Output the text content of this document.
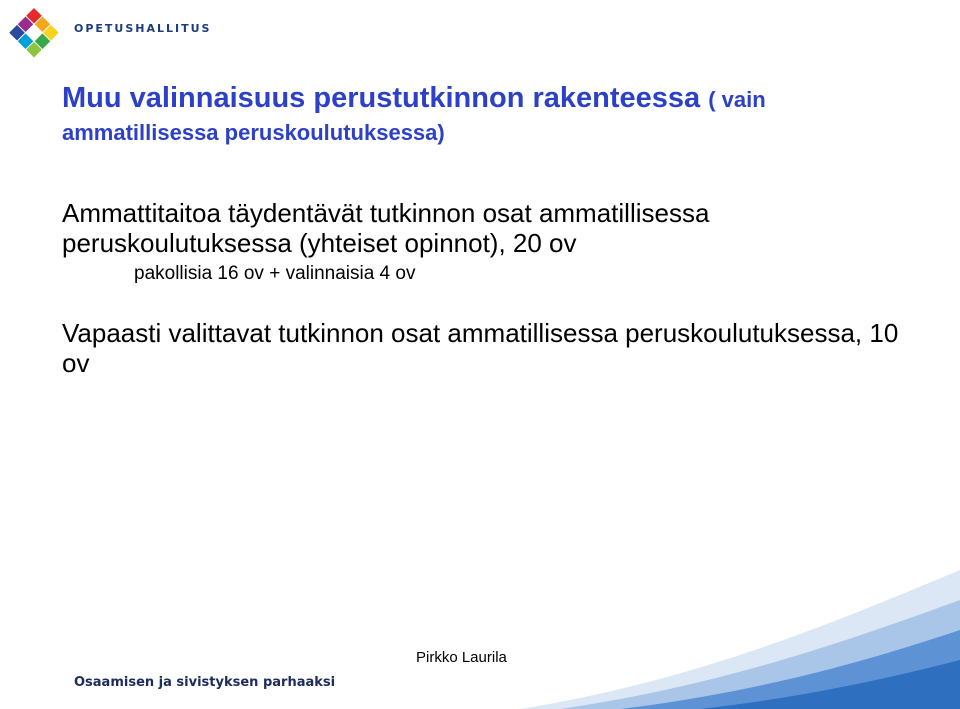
OPETUSHALLITUS
Muu valinnaisuus perustutkinnon rakenteessa ( vain
ammatillisessa peruskoulutuksessa)
Ammattitaitoa täydentävät tutkinnon osat ammatillisessa peruskoulutuksessa (yhteiset opinnot), 20 ov
pakollisia 16 ov + valinnaisia 4 ov
Vapaasti valittavat tutkinnon osat ammatillisessa peruskoulutuksessa, 10 ov
Pirkko Laurila
Osaamisen ja sivistyksen parhaaksi
